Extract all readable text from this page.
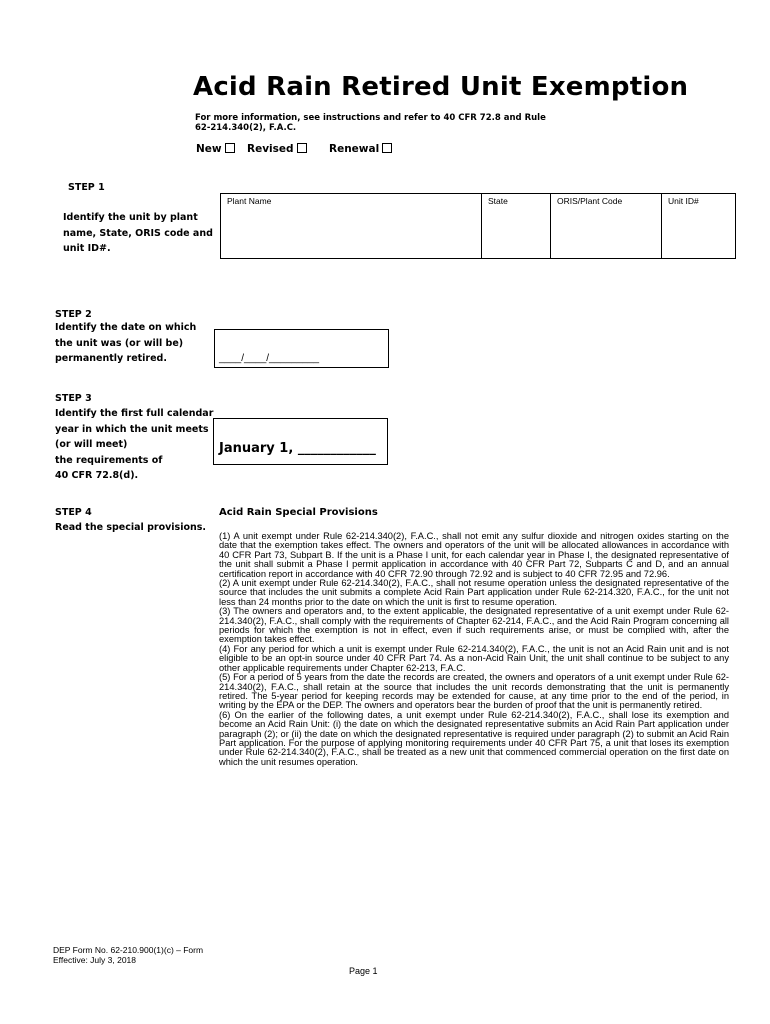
Acid Rain Retired Unit Exemption
For more information, see instructions and refer to 40 CFR 72.8 and Rule 62-214.340(2), F.A.C.
New	Revised	Renewal
STEP 1
Identify the unit by plant name, State, ORIS code and unit ID#.
Plant Name	State	ORIS/Plant Code	Unit ID#
STEP 2
Identify the date on which the unit was (or will be) permanently retired.	____/____/_________
STEP 3
Identify the first full calendar
year in which the unit meets
(or will meet)
the requirements of
40 CFR 72.8(d).
January 1, ____________
STEP 4
Read the special provisions.
Acid Rain Special Provisions

(1) A unit exempt under Rule 62-214.340(2), F.A.C., shall not emit any sulfur dioxide and nitrogen oxides starting on the date that the exemption takes effect. The owners and operators of the unit will be allocated allowances in accordance with 40 CFR Part 73, Subpart B. If the unit is a Phase I unit, for each calendar year in Phase I, the designated representative of the unit shall submit a Phase I permit application in accordance with 40 CFR Part 72, Subparts C and D, and an annual certification report in accordance with 40 CFR 72.90 through 72.92 and is subject to 40 CFR 72.95 and 72.96.

(2) A unit exempt under Rule 62-214.340(2), F.A.C., shall not resume operation unless the designated representative of the source that includes the unit submits a complete Acid Rain Part application under Rule 62-214.320, F.A.C., for the unit not less than 24 months prior to the date on which the unit is first to resume operation.

(3) The owners and operators and, to the extent applicable, the designated representative of a unit exempt under Rule 62-214.340(2), F.A.C., shall comply with the requirements of Chapter 62-214, F.A.C., and the Acid Rain Program concerning all periods for which the exemption is not in effect, even if such requirements arise, or must be complied with, after the exemption takes effect.

(4) For any period for which a unit is exempt under Rule 62-214.340(2), F.A.C., the unit is not an Acid Rain unit and is not eligible to be an opt-in source under 40 CFR Part 74. As a non-Acid Rain Unit, the unit shall continue to be subject to any other applicable requirements under Chapter 62-213, F.A.C.

(5) For a period of 5 years from the date the records are created, the owners and operators of a unit exempt under Rule 62-214.340(2), F.A.C., shall retain at the source that includes the unit records demonstrating that the unit is permanently retired. The 5-year period for keeping records may be extended for cause, at any time prior to the end of the period, in writing by the EPA or the DEP. The owners and operators bear the burden of proof that the unit is permanently retired.

(6) On the earlier of the following dates, a unit exempt under Rule 62-214.340(2), F.A.C., shall lose its exemption and become an Acid Rain Unit: (i) the date on which the designated representative submits an Acid Rain Part application under paragraph (2); or (ii) the date on which the designated representative is required under paragraph (2) to submit an Acid Rain Part application. For the purpose of applying monitoring requirements under 40 CFR Part 75, a unit that loses its exemption under Rule 62-214.340(2), F.A.C., shall be treated as a new unit that commenced commercial operation on the first date on which the unit resumes operation.

DEP Form No. 62-210.900(1)(c) – Form
Effective: July 3, 2018
Page 1
